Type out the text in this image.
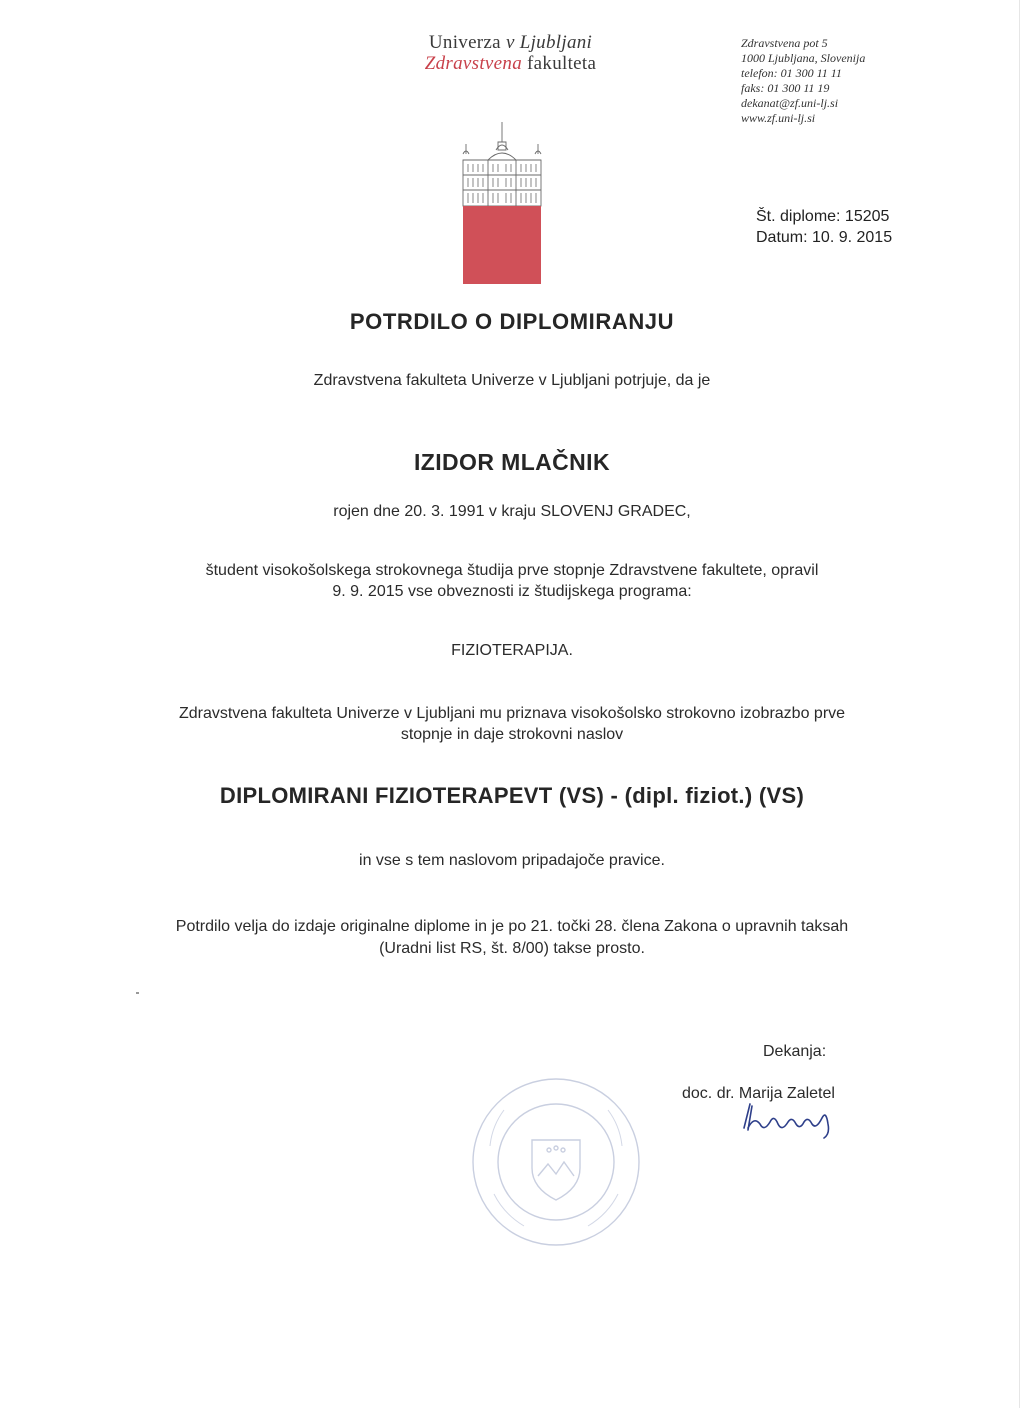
Univerza v Ljubljani
Zdravstvena fakulteta
Zdravstvena pot 5
1000 Ljubljana, Slovenija
telefon: 01 300 11 11
faks: 01 300 11 19
dekanat@zf.uni-lj.si
www.zf.uni-lj.si
Št. diplome: 15205
Datum: 10. 9. 2015
POTRDILO O DIPLOMIRANJU
Zdravstvena fakulteta Univerze v Ljubljani potrjuje, da je
IZIDOR MLAČNIK
rojen dne 20. 3. 1991 v kraju SLOVENJ GRADEC,
študent visokošolskega strokovnega študija prve stopnje Zdravstvene fakultete, opravil
9. 9. 2015 vse obveznosti iz študijskega programa:
FIZIOTERAPIJA.
Zdravstvena fakulteta Univerze v Ljubljani mu priznava visokošolsko strokovno izobrazbo prve
stopnje in daje strokovni naslov
DIPLOMIRANI FIZIOTERAPEVT (VS) - (dipl. fiziot.) (VS)
in vse s tem naslovom pripadajoče pravice.
Potrdilo velja do izdaje originalne diplome in je po 21. točki 28. člena Zakona o upravnih taksah
(Uradni list RS, št. 8/00) takse prosto.
Dekanja:
doc. dr. Marija Zaletel
